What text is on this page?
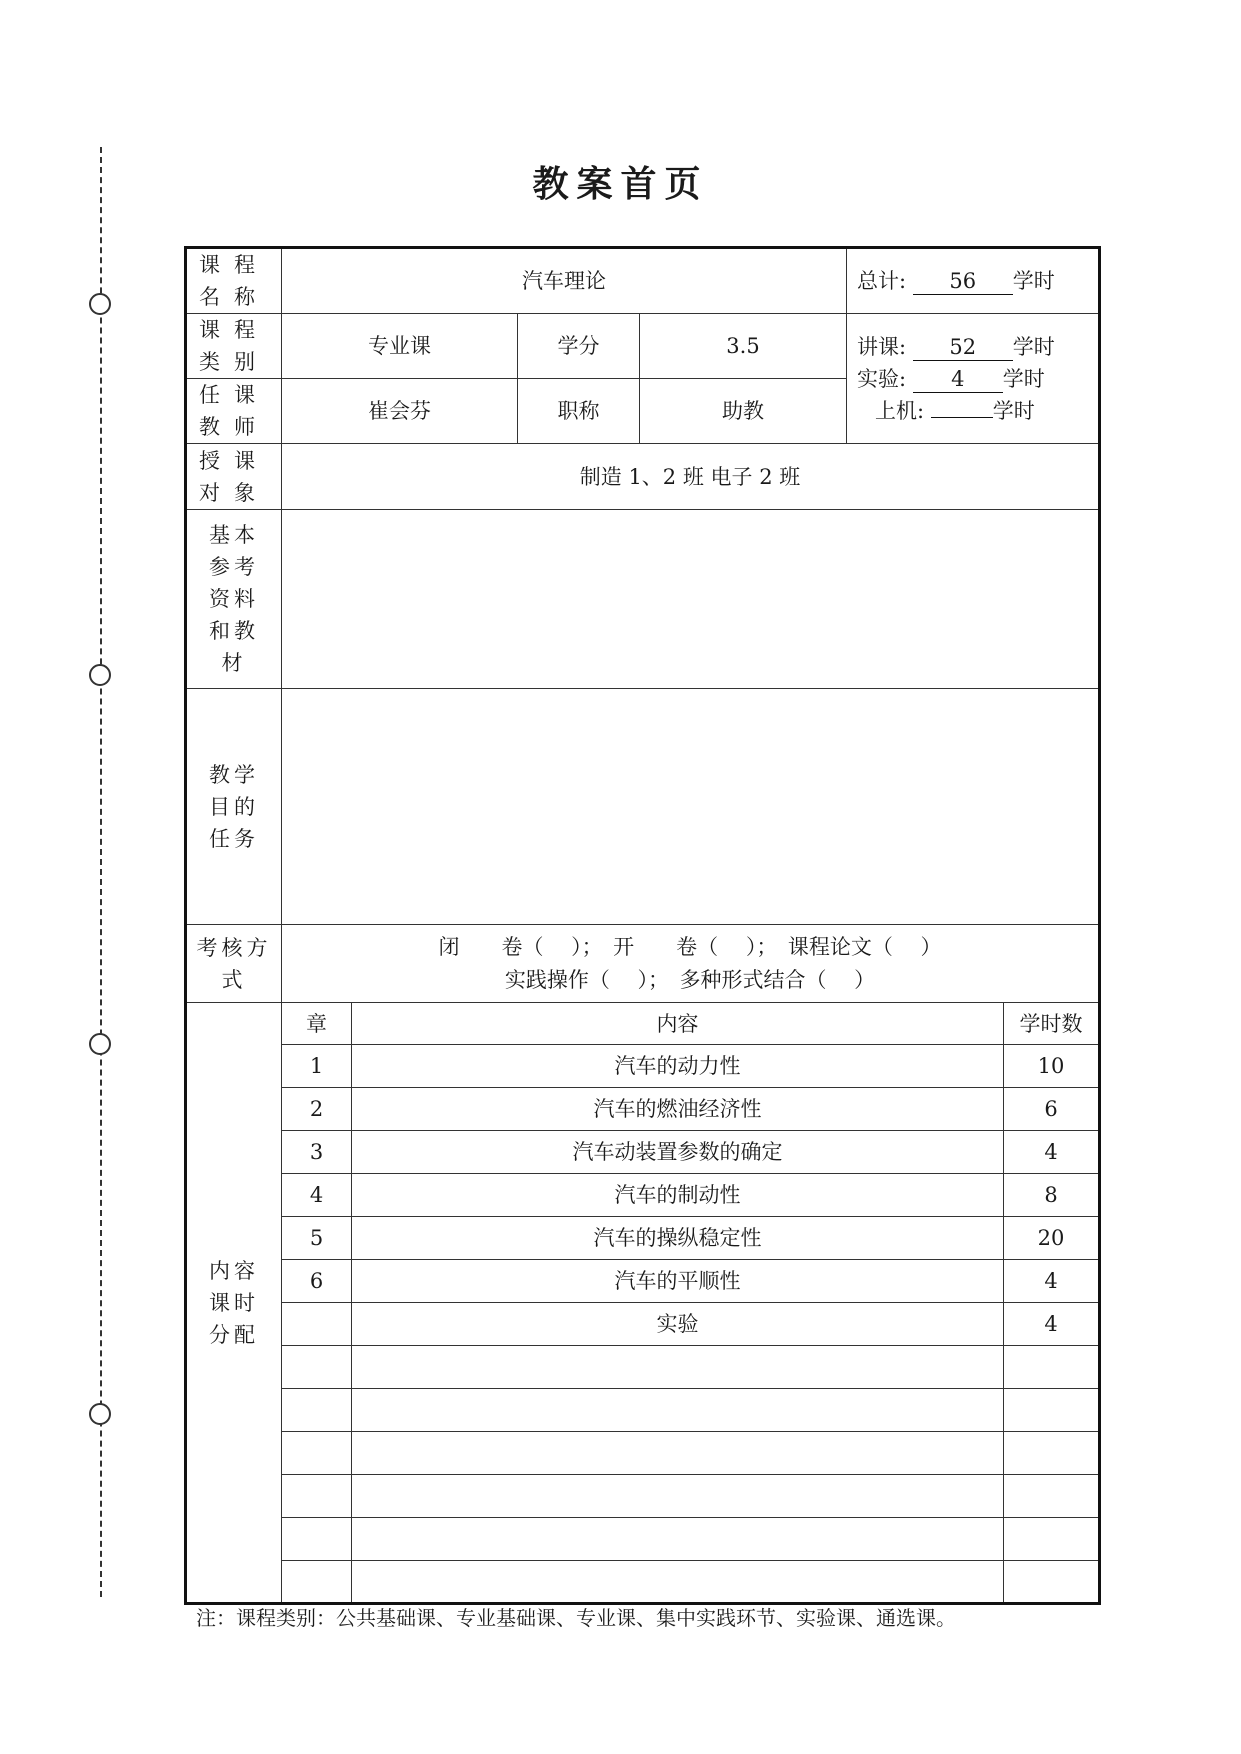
教案首页
课程名称	汽车理论				总计: 56 学时	
课程类别	专业课		学分	3.5	讲课: 52 学时
实验: 4 学时
上机: 学时	

任课教师	崔会芬		职称	助教		
授课对象	制造 1、2 班 电子 2 班					
基本参考资料和教材						
教学目的任务						
考核方式	闭　　卷（　 ）；　开　　卷（　 ）；　课程论文（　 ）
实践操作（　 ）；　多种形式结合（　 ）					

内容课时分配	章	内容				学时数
	1	汽车的动力性				10
	2	汽车的燃油经济性				6
	3	汽车动装置参数的确定				4
	4	汽车的制动性				8
	5	汽车的操纵稳定性				20
	6	汽车的平顺性				4
		实验				4

注：课程类别：公共基础课、专业基础课、专业课、集中实践环节、实验课、通选课。
